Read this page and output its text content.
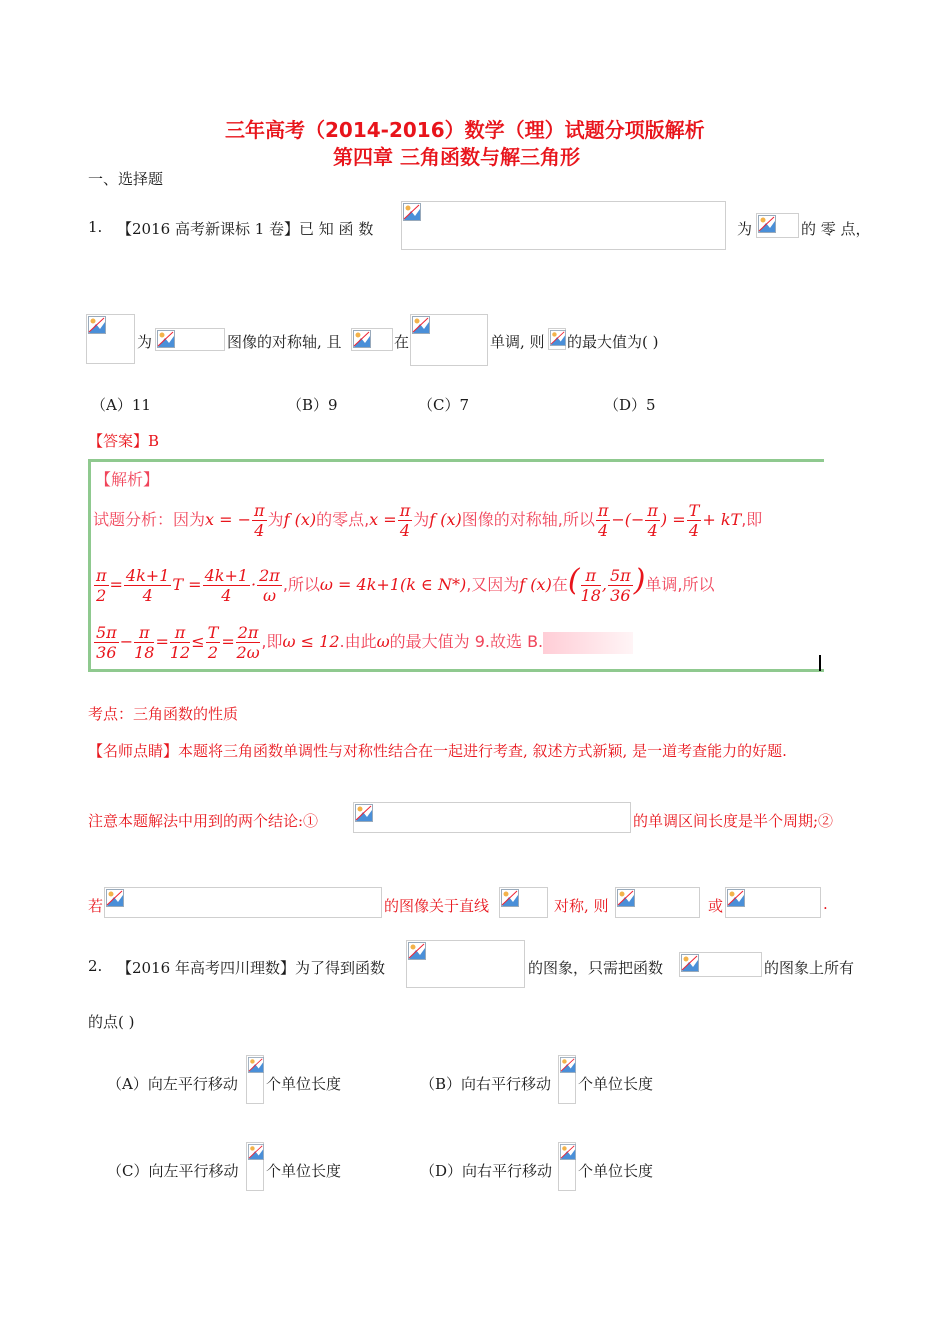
三年高考（2014-2016）数学（理）试题分项版解析
第四章 三角函数与解三角形
一、选择题
1. 【2016 高考新课标 1 卷】已 知 函 数	为	的 零 点，
为	图像的对称轴, 且	在	单调, 则 的最大值为( )
（A）11	（B）9	（C）7	（D）5
【答案】B
【解析】
试题分析：因为x = − $\frac{\pi}{4}$ 为f (x)的零点$,x = \frac{\pi}{4}$ 为f (x)图像的对称轴,所以 $\frac{\pi}{4}$ −(− $\frac{\pi}{4}$ ) = $\frac{T}{4}$ + kT,即
$\frac{\pi}{2} = \frac{4k+1}{4}$ $T = \frac{4k+1}{4} \cdot \frac{2\pi}{\omega}$ ,所以ω = 4k+1(k ∈ N*),又因为f (x)在( $\frac{\pi}{18}$ , $\frac{5\pi}{36}$ )单调,所以
$\frac{5\pi}{36} - \frac{\pi}{18} = \frac{\pi}{12} \le \frac{T}{2} = \frac{2\pi}{2\omega}$ ,即ω ≤ 12.由此ω的最大值为 9.故选 B.
考点：三角函数的性质
【名师点睛】本题将三角函数单调性与对称性结合在一起进行考查, 叙述方式新颖, 是一道考查能力的好题.
注意本题解法中用到的两个结论:①	的单调区间长度是半个周期;②
若	的图像关于直线	对称, 则	或	.
2. 【2016 年高考四川理数】为了得到函数	的图象，只需把函数	的图象上所有
的点( )
（A）向左平行移动 个单位长度	（B）向右平行移动 个单位长度
（C）向左平行移动 个单位长度	（D）向右平行移动 个单位长度
